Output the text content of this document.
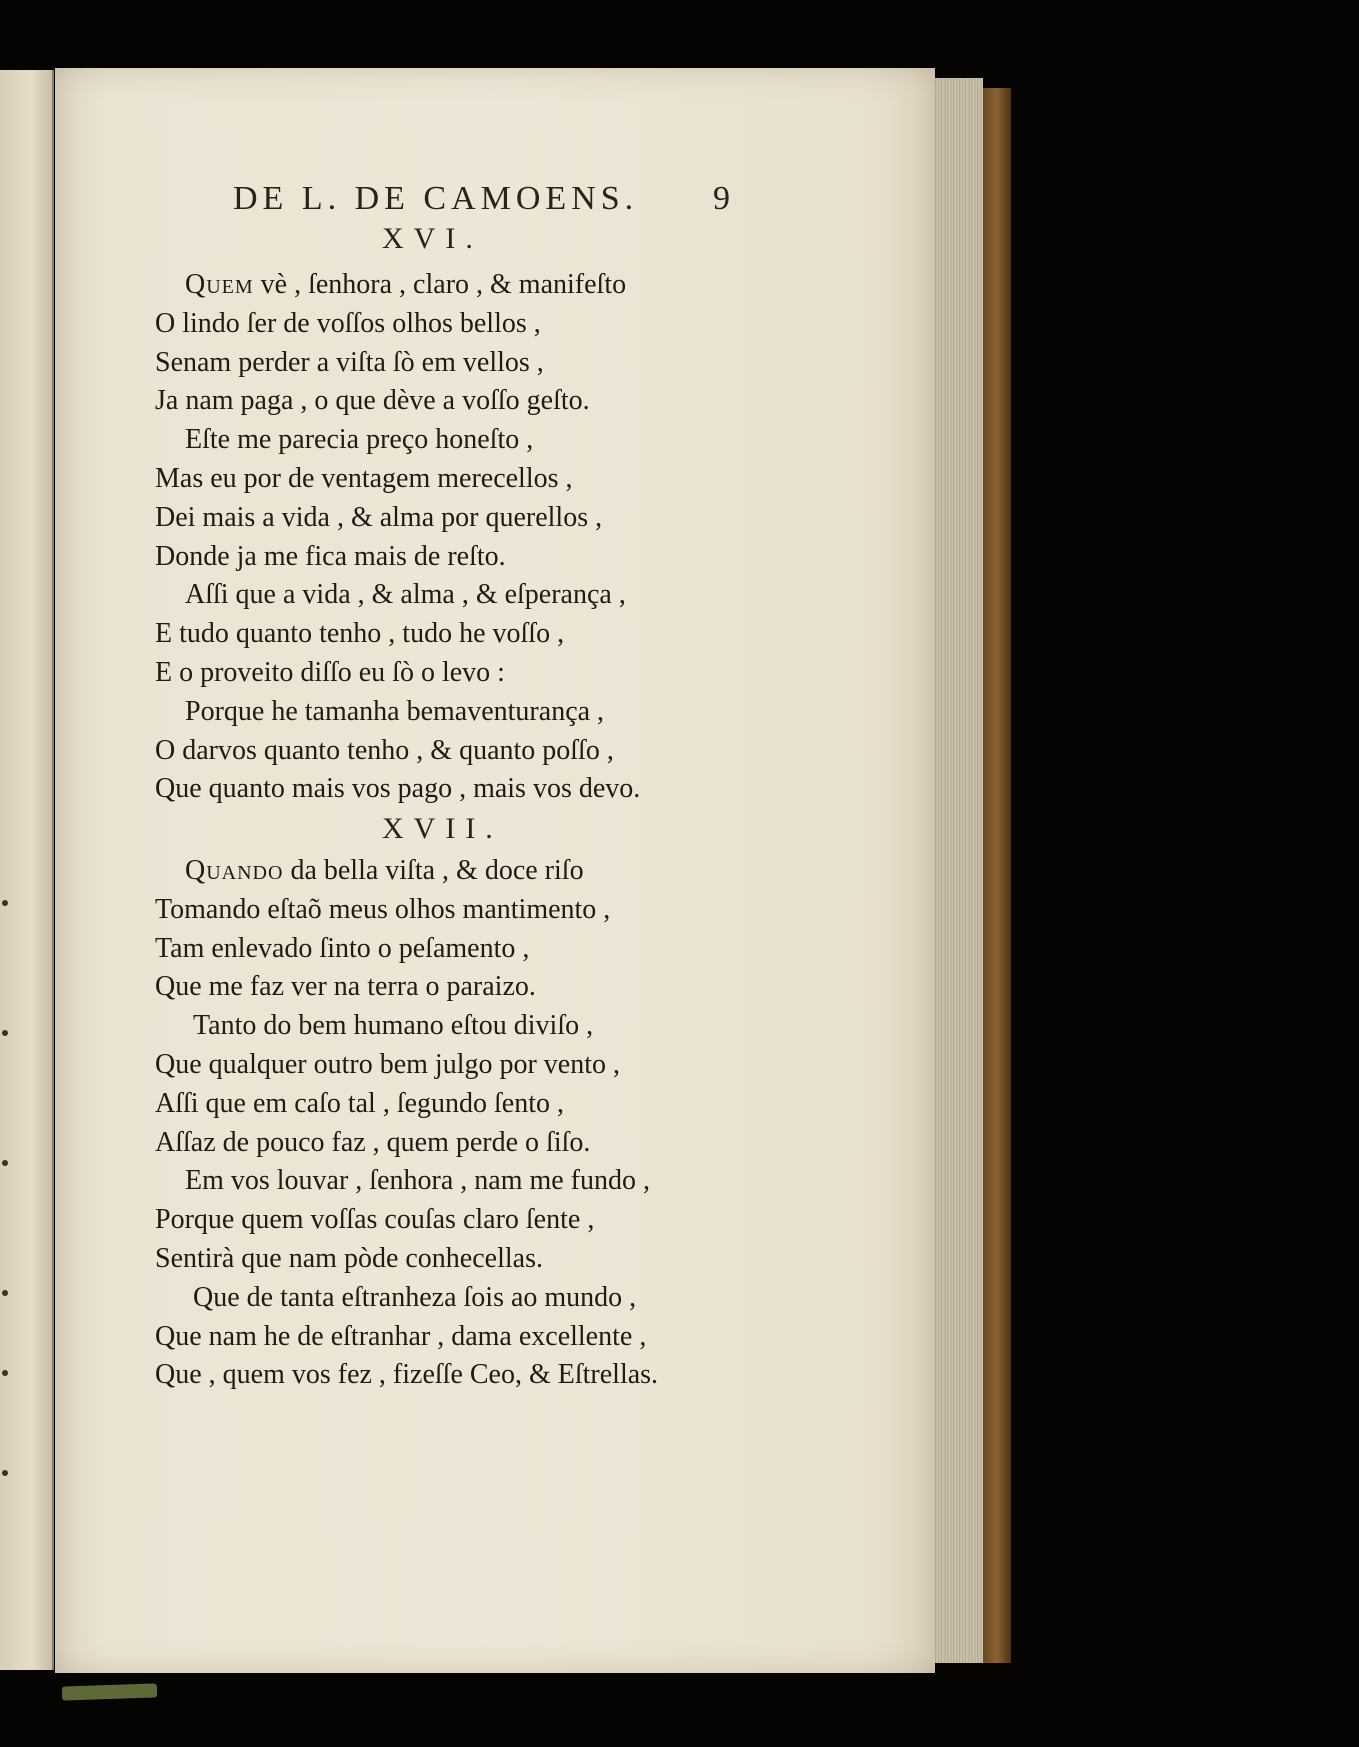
DE L. DE CAMOENS. 9
XVI.
Quem vè , ſenhora , claro , & manifeſto
O lindo ſer de voſſos olhos bellos ,
Senam perder a viſta ſò em vellos ,
Ja nam paga , o que dève a voſſo geſto.
Eſte me parecia preço honeſto ,
Mas eu por de ventagem merecellos ,
Dei mais a vida , & alma por querellos ,
Donde ja me fica mais de reſto.
Aſſi que a vida , & alma , & eſperança ,
E tudo quanto tenho , tudo he voſſo ,
E o proveito diſſo eu ſò o levo :
Porque he tamanha bemaventurança ,
O darvos quanto tenho , & quanto poſſo ,
Que quanto mais vos pago , mais vos devo.
XVII.
Quando da bella viſta , & doce riſo
Tomando eſtaõ meus olhos mantimento ,
Tam enlevado ſinto o peſamento ,
Que me faz ver na terra o paraizo.
Tanto do bem humano eſtou diviſo ,
Que qualquer outro bem julgo por vento ,
Aſſi que em caſo tal , ſegundo ſento ,
Aſſaz de pouco faz , quem perde o ſiſo.
Em vos louvar , ſenhora , nam me fundo ,
Porque quem voſſas couſas claro ſente ,
Sentirà que nam pòde conhecellas.
Que de tanta eſtranheza ſois ao mundo ,
Que nam he de eſtranhar , dama excellente ,
Que , quem vos fez , fizeſſe Ceo, & Eſtrellas.
